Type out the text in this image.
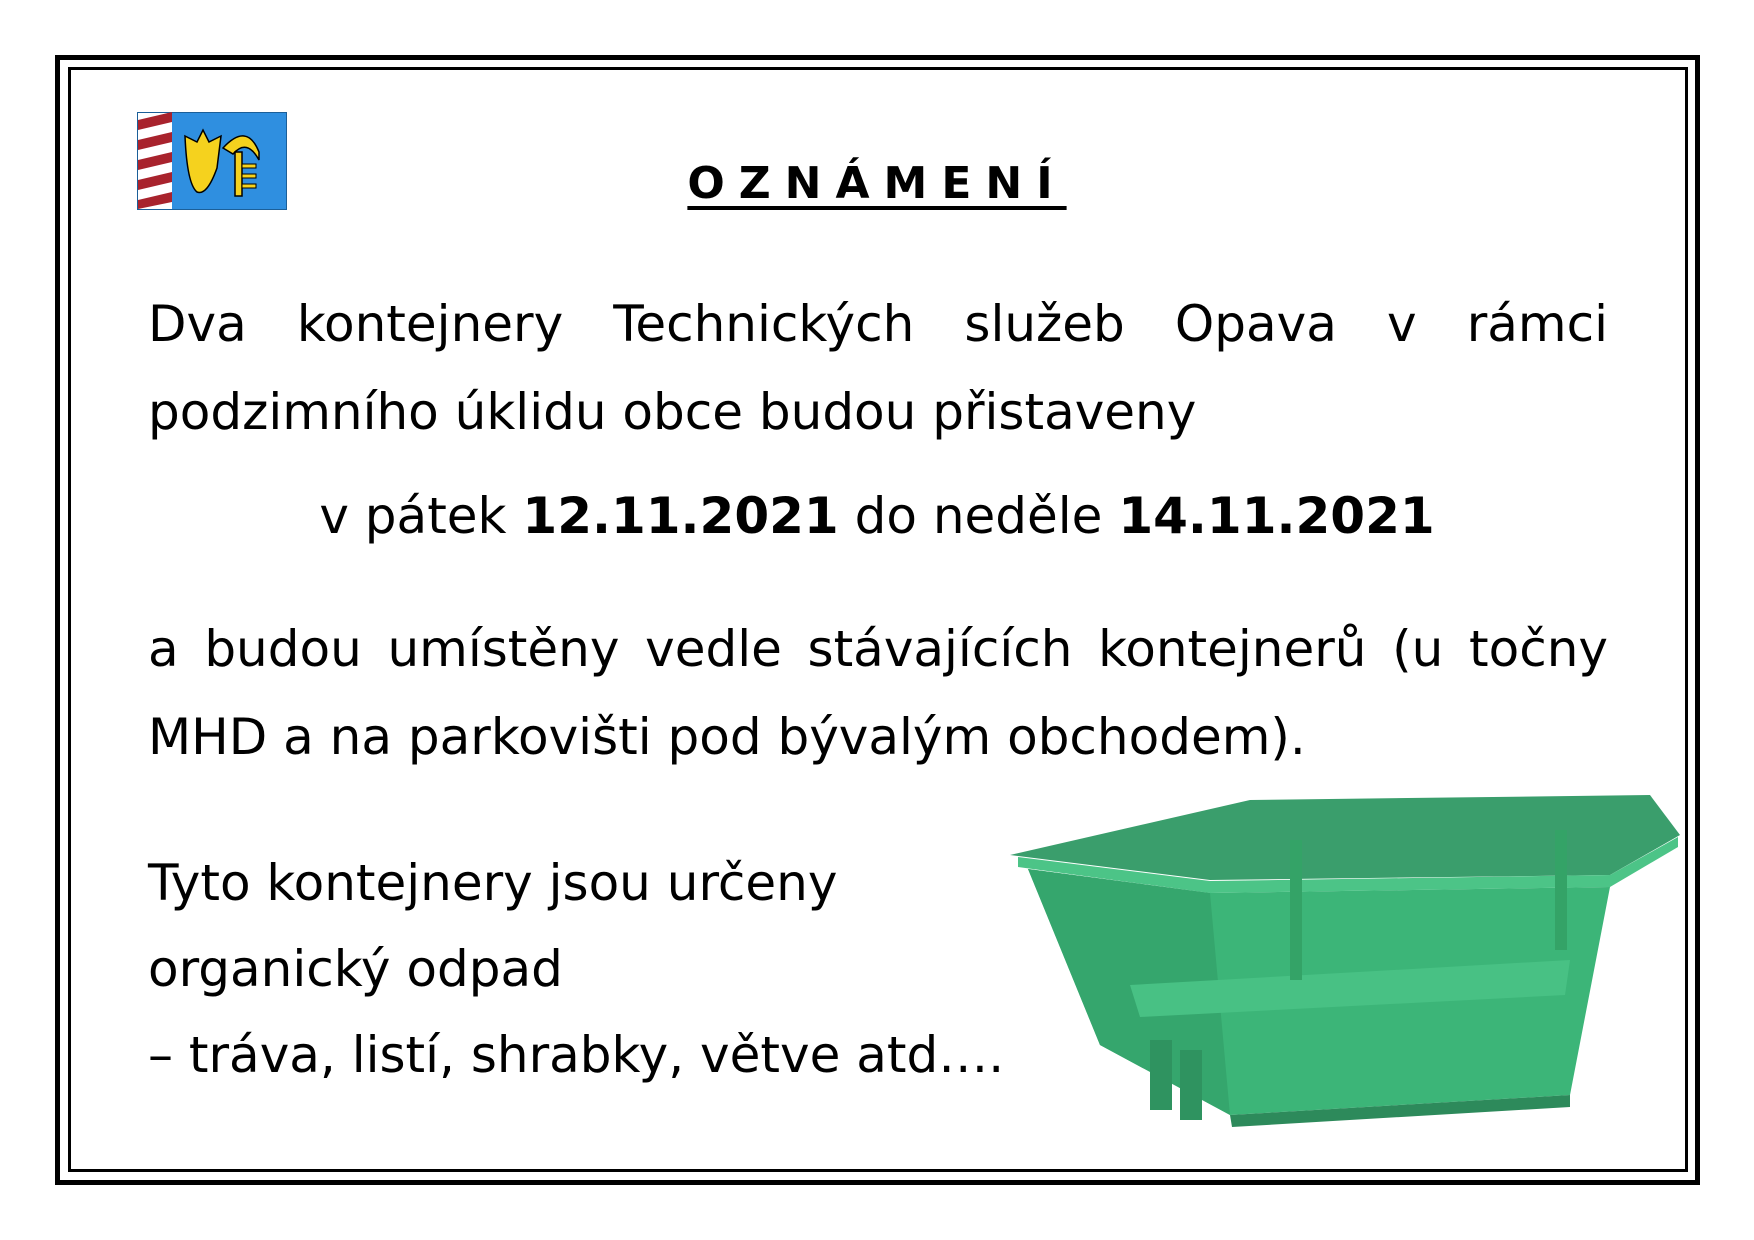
OZNÁMENÍ
Dva kontejnery Technických služeb Opava v rámci podzimního úklidu obce budou přistaveny
v pátek 12.11.2021 do neděle 14.11.2021
a budou umístěny vedle stávajících kontejnerů (u točny MHD a na parkovišti pod bývalým obchodem).
Tyto kontejnery jsou určeny
organický odpad
– tráva, listí, shrabky, větve atd….
